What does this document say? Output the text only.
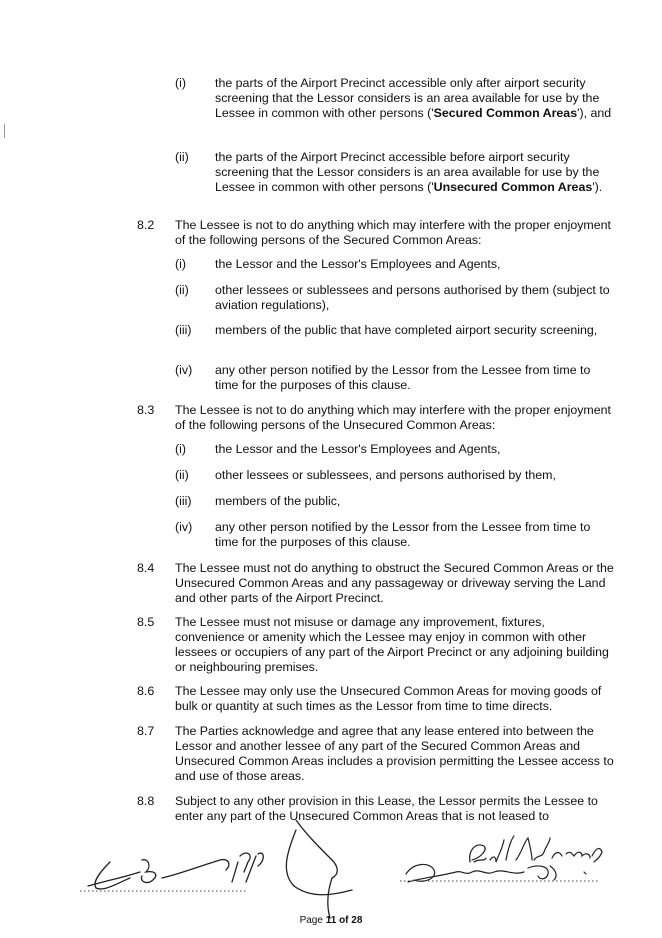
(i) the parts of the Airport Precinct accessible only after airport security screening that the Lessor considers is an area available for use by the Lessee in common with other persons ('Secured Common Areas'), and
(ii) the parts of the Airport Precinct accessible before airport security screening that the Lessor considers is an area available for use by the Lessee in common with other persons ('Unsecured Common Areas').
8.2 The Lessee is not to do anything which may interfere with the proper enjoyment of the following persons of the Secured Common Areas:
(i) the Lessor and the Lessor's Employees and Agents,
(ii) other lessees or sublessees and persons authorised by them (subject to aviation regulations),
(iii) members of the public that have completed airport security screening,
(iv) any other person notified by the Lessor from the Lessee from time to time for the purposes of this clause.
8.3 The Lessee is not to do anything which may interfere with the proper enjoyment of the following persons of the Unsecured Common Areas:
(i) the Lessor and the Lessor's Employees and Agents,
(ii) other lessees or sublessees, and persons authorised by them,
(iii) members of the public,
(iv) any other person notified by the Lessor from the Lessee from time to time for the purposes of this clause.
8.4 The Lessee must not do anything to obstruct the Secured Common Areas or the Unsecured Common Areas and any passageway or driveway serving the Land and other parts of the Airport Precinct.
8.5 The Lessee must not misuse or damage any improvement, fixtures, convenience or amenity which the Lessee may enjoy in common with other lessees or occupiers of any part of the Airport Precinct or any adjoining building or neighbouring premises.
8.6 The Lessee may only use the Unsecured Common Areas for moving goods of bulk or quantity at such times as the Lessor from time to time directs.
8.7 The Parties acknowledge and agree that any lease entered into between the Lessor and another lessee of any part of the Secured Common Areas and Unsecured Common Areas includes a provision permitting the Lessee access to and use of those areas.
8.8 Subject to any other provision in this Lease, the Lessor permits the Lessee to enter any part of the Unsecured Common Areas that is not leased to
Page 11 of 28
